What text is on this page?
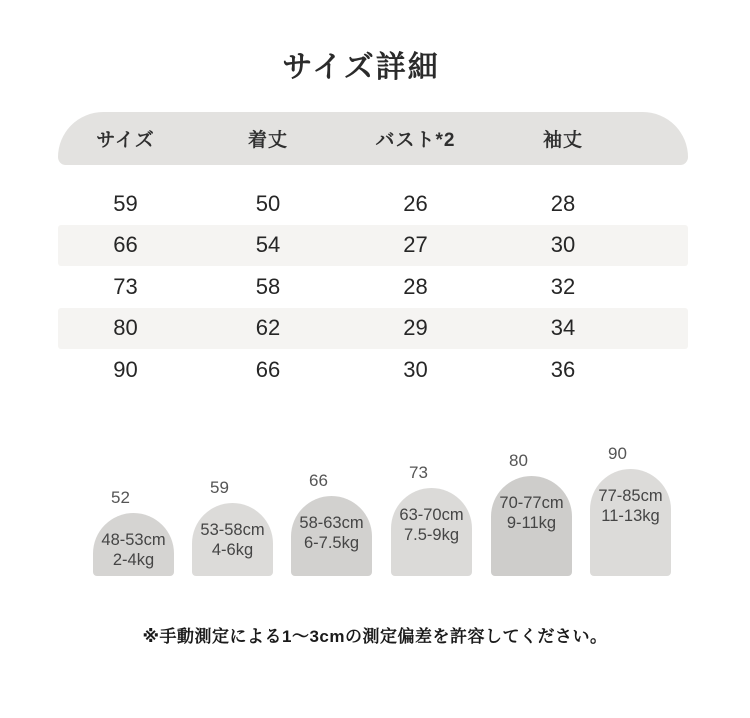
サイズ詳細
サイズ	着丈	バスト*2	袖丈
59	50	26	28
66	54	27	30
73	58	28	32
80	62	29	34
90	66	30	36
52
48-53cm
2-4kg
59
53-58cm
4-6kg
66
58-63cm
6-7.5kg
73
63-70cm
7.5-9kg
80
70-77cm
9-11kg
90
77-85cm
11-13kg
※手動測定による1～3cmの測定偏差を許容してください。
